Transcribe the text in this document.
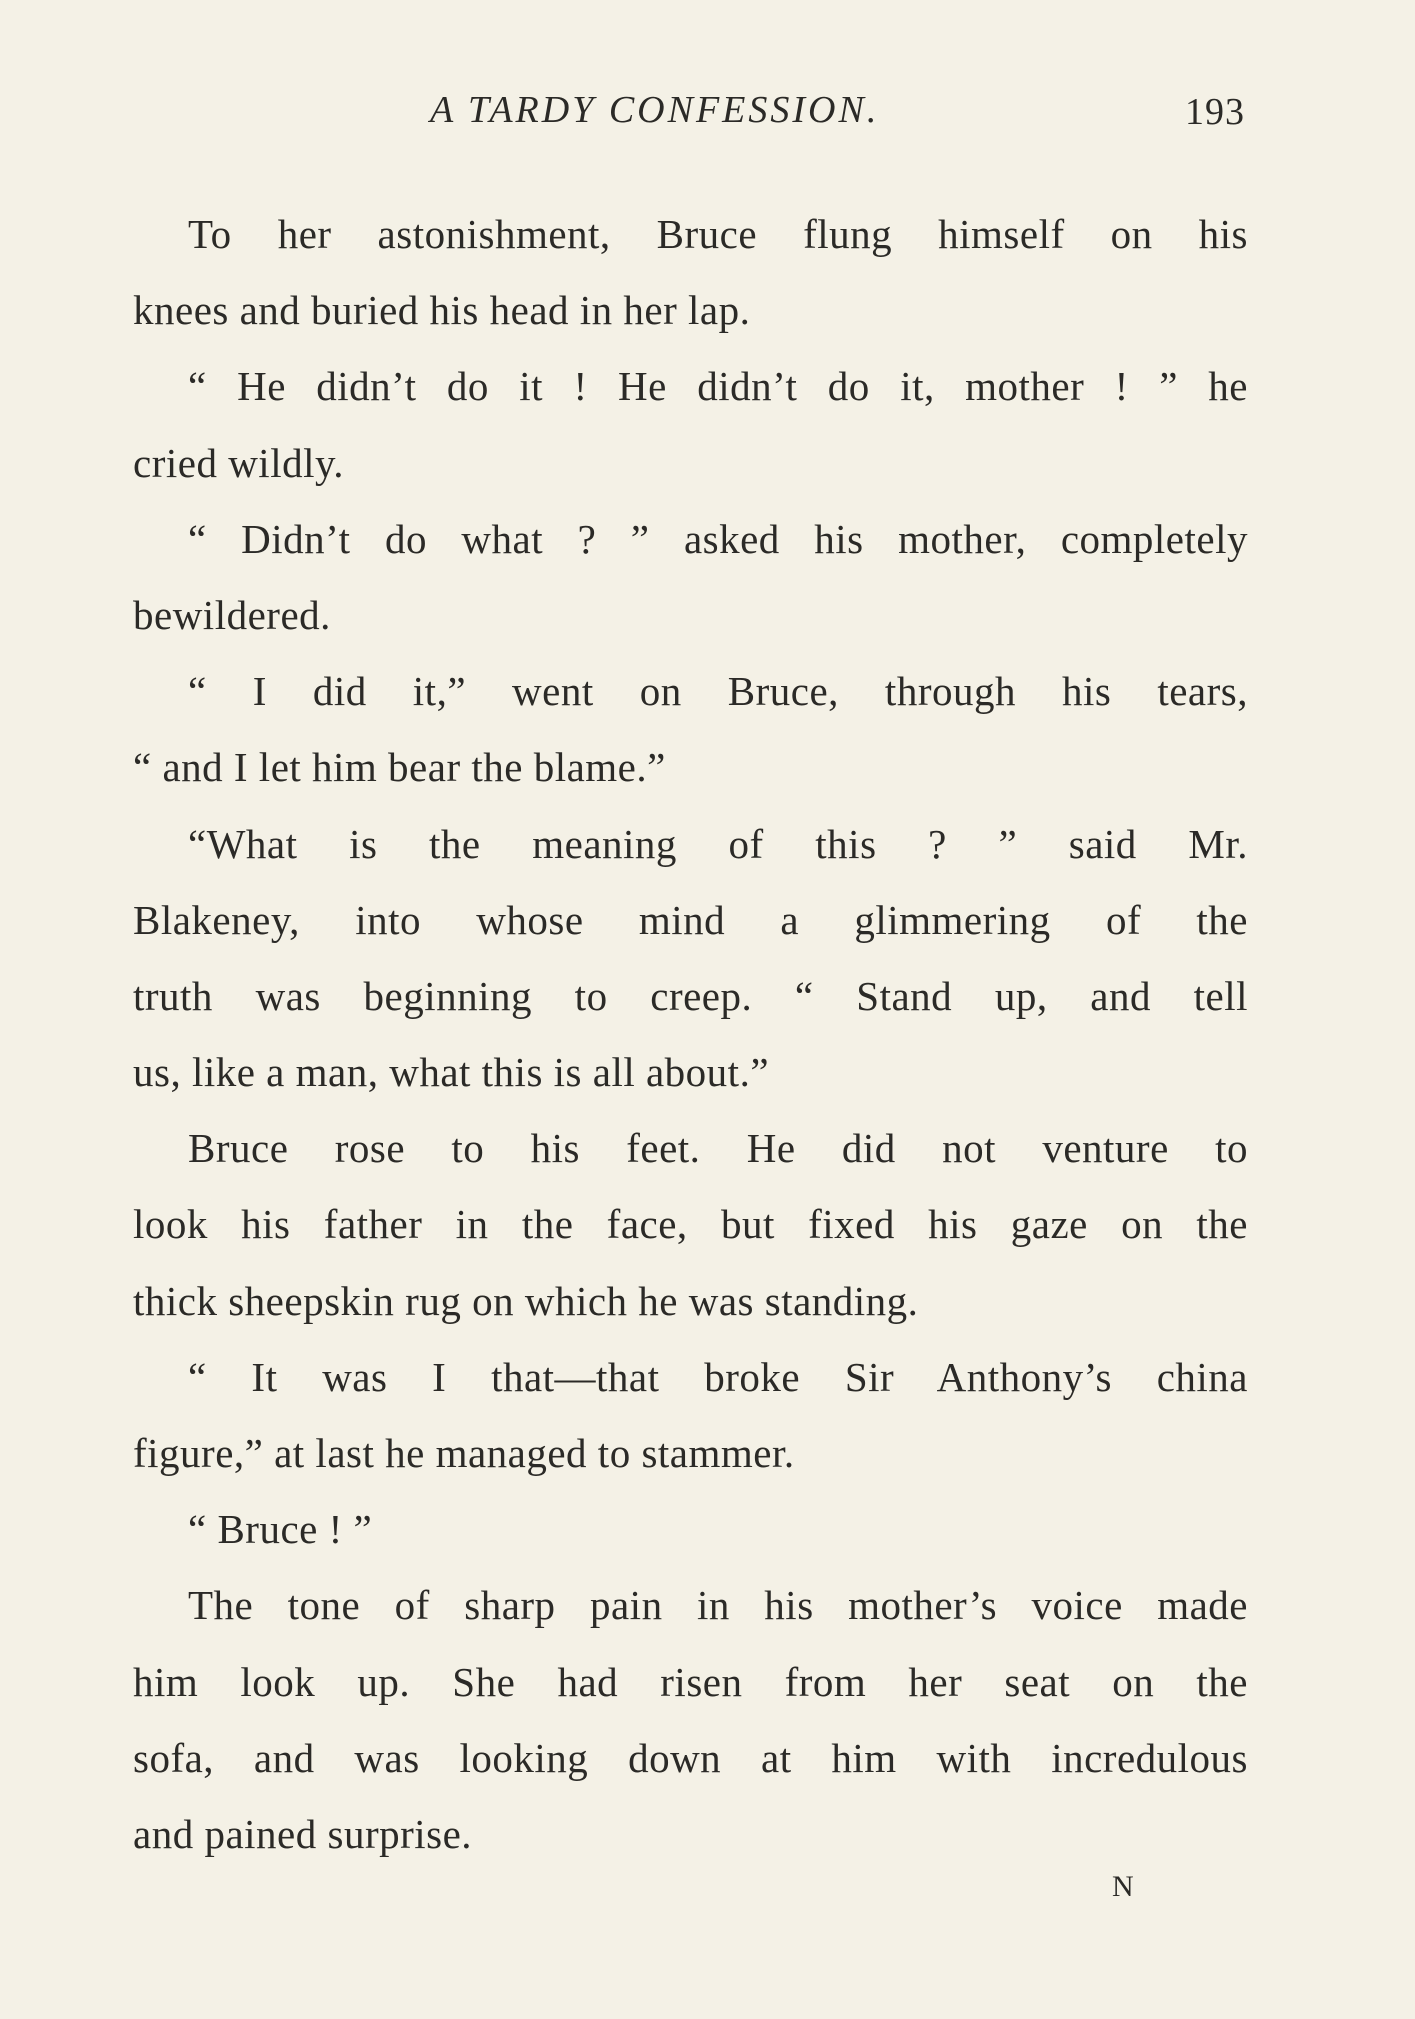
A TARDY CONFESSION.	193
To her astonishment, Bruce flung himself on his
knees and buried his head in her lap.
“ He didn’t do it ! He didn’t do it, mother ! ” he
cried wildly.
“ Didn’t do what ? ” asked his mother, completely
bewildered.
“ I did it,” went on Bruce, through his tears,
“ and I let him bear the blame.”
“What is the meaning of this ? ” said Mr.
Blakeney, into whose mind a glimmering of the
truth was beginning to creep. “ Stand up, and tell
us, like a man, what this is all about.”
Bruce rose to his feet. He did not venture to
look his father in the face, but fixed his gaze on the
thick sheepskin rug on which he was standing.
“ It was I that—that broke Sir Anthony’s china
figure,” at last he managed to stammer.
“ Bruce ! ”
The tone of sharp pain in his mother’s voice made
him look up. She had risen from her seat on the
sofa, and was looking down at him with incredulous
and pained surprise.
N
